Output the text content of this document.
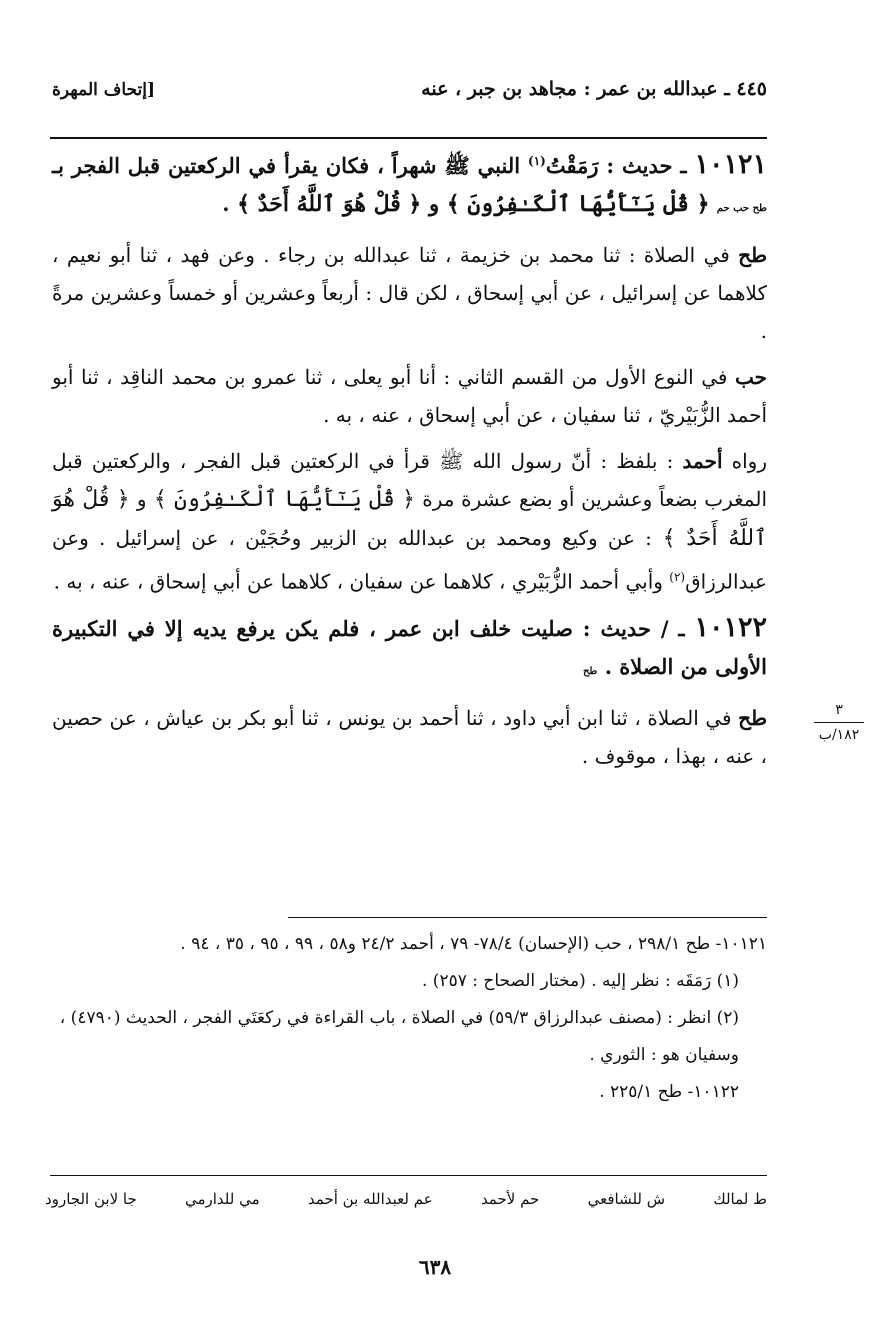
٤٤٥ ـ عبدالله بن عمر : مجاهد بن جبر ، عنه
[إتحاف المهرة

١٠١٢١ ـ حديث : رَمَقْتُ$^{(١)}$ النبي ﷺ شهراً ، فكان يقرأ في الركعتين قبل الفجر بـ طح حب حم ﴿ قُلْ يَـٰٓأَيُّهَا ٱلْكَـٰفِرُونَ ﴾ و ﴿ قُلْ هُوَ ٱللَّهُ أَحَدٌ ﴾ .

طح في الصلاة : ثنا محمد بن خزيمة ، ثنا عبدالله بن رجاء . وعن فهد ، ثنا أبو نعيم ، كلاهما عن إسرائيل ، عن أبي إسحاق ، لكن قال : أربعاً وعشرين أو خمساً وعشرين مرةً .

حب في النوع الأول من القسم الثاني : أنا أبو يعلى ، ثنا عمرو بن محمد الناقِد ، ثنا أبو أحمد الزُّبَيْريّ ، ثنا سفيان ، عن أبي إسحاق ، عنه ، به .

رواه أحمد : بلفظ : أنّ رسول الله ﷺ قرأ في الركعتين قبل الفجر ، والركعتين قبل المغرب بضعاً وعشرين أو بضع عشرة مرة ﴿ قُلْ يَـٰٓأَيُّهَا ٱلْكَـٰفِرُونَ ﴾ و ﴿ قُلْ هُوَ ٱللَّهُ أَحَدٌ ﴾ : عن وكيع ومحمد بن عبدالله بن الزبير وحُجَيْن ، عن إسرائيل . وعن عبدالرزاق$^{(٢)}$ وأبي أحمد الزُّبَيْري ، كلاهما عن سفيان ، كلاهما عن أبي إسحاق ، عنه ، به .

١٠١٢٢ ـ / حديث : صليت خلف ابن عمر ، فلم يكن يرفع يديه إلا في التكبيرة الأولى من الصلاة . طح

طح في الصلاة ، ثنا ابن أبي داود ، ثنا أحمد بن يونس ، ثنا أبو بكر بن عياش ، عن حصين ، عنه ، بهذا ، موقوف .

٣
١٨٢/ب

١٠١٢١- طح ٢٩٨/١ ، حب (الإحسان) ٧٨/٤- ٧٩ ، أحمد ٢٤/٢ و٥٨ ، ٩٩ ، ٩٥ ، ٣٥ ، ٩٤ .

(١) رَمَقَه : نظر إليه . (مختار الصحاح : ٢٥٧) .

(٢) انظر : (مصنف عبدالرزاق ٥٩/٣) في الصلاة ، باب القراءة في ركعَتَي الفجر ، الحديث (٤٧٩٠) ، وسفيان هو : الثوري .

١٠١٢٢- طح ٢٢٥/١ .

ط لمالك
ش للشافعي
حم لأحمد
عم لعبدالله بن أحمد
مي للدارمي
جا لابن الجارود
٦٣٨
